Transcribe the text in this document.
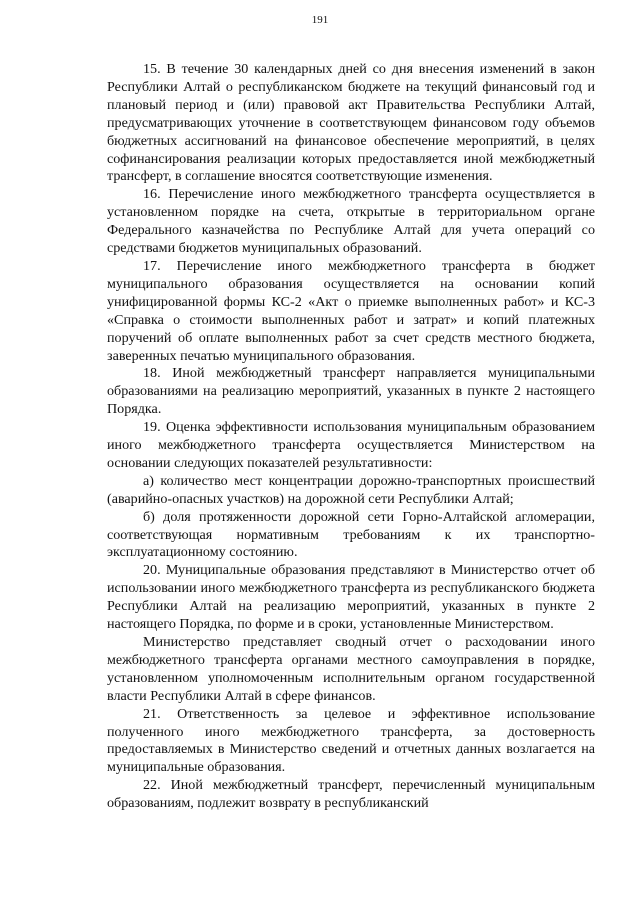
191

15. В течение 30 календарных дней со дня внесения изменений в закон Республики Алтай о республиканском бюджете на текущий финансовый год и плановый период и (или) правовой акт Правительства Республики Алтай, предусматривающих уточнение в соответствующем финансовом году объемов бюджетных ассигнований на финансовое обеспечение мероприятий, в целях софинансирования реализации которых предоставляется иной межбюджетный трансферт, в соглашение вносятся соответствующие изменения.

16. Перечисление иного межбюджетного трансферта осуществляется в установленном порядке на счета, открытые в территориальном органе Федерального казначейства по Республике Алтай для учета операций со средствами бюджетов муниципальных образований.

17. Перечисление иного межбюджетного трансферта в бюджет муниципального образования осуществляется на основании копий унифицированной формы КС-2 «Акт о приемке выполненных работ» и КС-3 «Справка о стоимости выполненных работ и затрат» и копий платежных поручений об оплате выполненных работ за счет средств местного бюджета, заверенных печатью муниципального образования.

18. Иной межбюджетный трансферт направляется муниципальными образованиями на реализацию мероприятий, указанных в пункте 2 настоящего Порядка.

19. Оценка эффективности использования муниципальным образованием иного межбюджетного трансферта осуществляется Министерством на основании следующих показателей результативности:

а) количество мест концентрации дорожно-транспортных происшествий (аварийно-опасных участков) на дорожной сети Республики Алтай;

б) доля протяженности дорожной сети Горно-Алтайской агломерации, соответствующая нормативным требованиям к их транспортно-эксплуатационному состоянию.

20. Муниципальные образования представляют в Министерство отчет об использовании иного межбюджетного трансферта из республиканского бюджета Республики Алтай на реализацию мероприятий, указанных в пункте 2 настоящего Порядка, по форме и в сроки, установленные Министерством.

Министерство представляет сводный отчет о расходовании иного межбюджетного трансферта органами местного самоуправления в порядке, установленном уполномоченным исполнительным органом государственной власти Республики Алтай в сфере финансов.

21. Ответственность за целевое и эффективное использование полученного иного межбюджетного трансферта, за достоверность предоставляемых в Министерство сведений и отчетных данных возлагается на муниципальные образования.

22. Иной межбюджетный трансферт, перечисленный муниципальным образованиям, подлежит возврату в республиканский
